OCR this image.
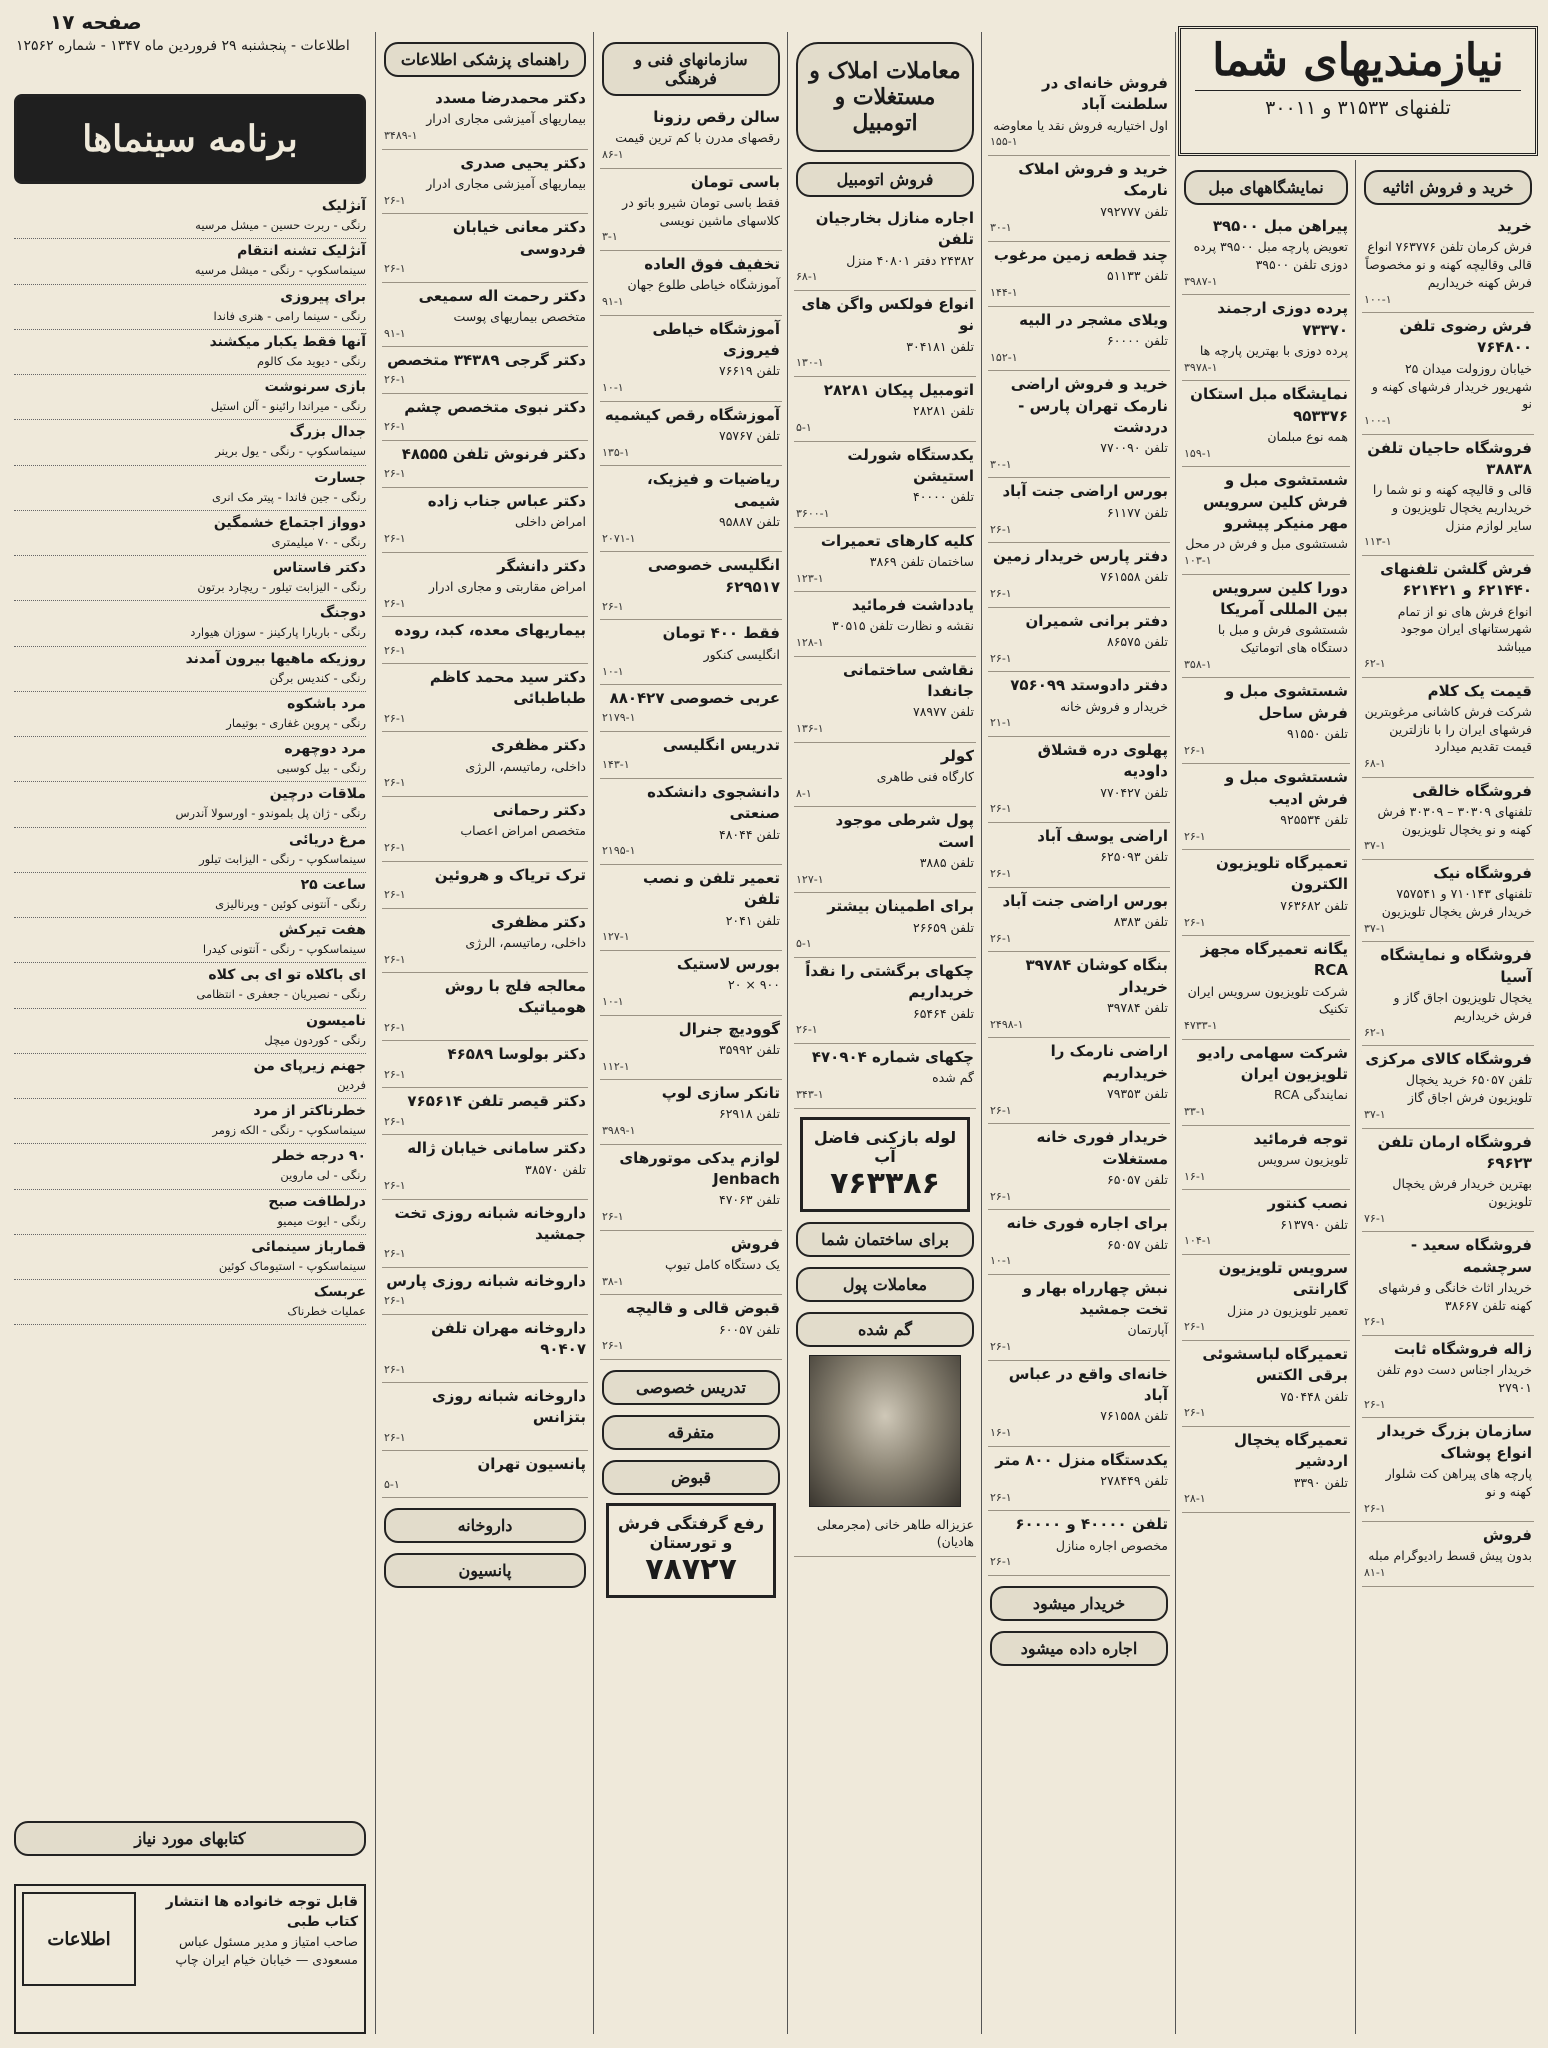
نیازمندیهای شما
تلفنهای ۳۱۵۳۳ و ۳۰۰۱۱
خرید و فروش اثاثیه
خرید
فرش کرمان تلفن ۷۶۳۷۷۶ انواع قالی وقالیچه کهنه و نو مخصوصاً فرش کهنه خریداریم
۱۰۰-۱
فرش رضوی تلفن ۷۶۴۸۰۰
خیابان روزولت میدان ۲۵ شهریور خریدار فرشهای کهنه و نو
۱۰۰-۱
فروشگاه حاجیان تلفن ۳۸۸۳۸
قالی و قالیچه کهنه و نو شما را خریداریم یخچال تلویزیون و سایر لوازم منزل
۱۱۳-۱
فرش گلشن تلفنهای ۶۲۱۴۴۰ و ۶۲۱۴۲۱
انواع فرش های نو از تمام شهرستانهای ایران موجود میباشد
۶۲-۱
قیمت یک کلام
شرکت فرش کاشانی مرغوبترین فرشهای ایران را با نازلترین قیمت تقدیم میدارد
۶۸-۱
فروشگاه خالقی
تلفنهای ۳۰۳۰۹ – ۳۰۳۰۹ فرش کهنه و نو یخچال تلویزیون
۳۷-۱
فروشگاه نیک
تلفنهای ۷۱۰۱۴۳ و ۷۵۷۵۴۱ خریدار فرش یخچال تلویزیون
۳۷-۱
فروشگاه و نمایشگاه آسیا
یخچال تلویزیون اجاق گاز و فرش خریداریم
۶۲-۱
فروشگاه کالای مرکزی
تلفن ۶۵۰۵۷ خرید یخچال تلویزیون فرش اجاق گاز
۳۷-۱
فروشگاه ارمان تلفن ۶۹۶۲۳
بهترین خریدار فرش یخچال تلویزیون
۷۶-۱
فروشگاه سعید - سرچشمه
خریدار اثاث خانگی و فرشهای کهنه تلفن ۳۸۶۶۷
۲۶-۱
زاله فروشگاه ثابت
خریدار اجناس دست دوم تلفن ۲۷۹۰۱
۲۶-۱
سازمان بزرگ خریدار انواع پوشاک
پارچه های پیراهن کت شلوار کهنه و نو
۲۶-۱
فروش
بدون پیش قسط رادیوگرام مبله
۸۱-۱
نمایشگاههای مبل
پیراهن مبل ۳۹۵۰۰
تعویض پارچه مبل ۳۹۵۰۰ پرده دوزی تلفن ۳۹۵۰۰
۳۹۸۷-۱
پرده دوزی ارجمند ۷۳۳۷۰
پرده دوزی با بهترین پارچه ها
۳۹۷۸-۱
نمایشگاه مبل استکان ۹۵۳۳۷۶
همه نوع مبلمان
۱۵۹-۱
شستشوی مبل و فرش کلین سرویس مهر منیکر پیشرو
شستشوی مبل و فرش در محل
۱۰۳-۱
دورا کلین سرویس بین المللی آمریکا
شستشوی فرش و مبل با دستگاه های اتوماتیک
۳۵۸-۱
شستشوی مبل و فرش ساحل
تلفن ۹۱۵۵۰
۲۶-۱
شستشوی مبل و فرش ادیب
تلفن ۹۲۵۵۳۴
۲۶-۱
تعمیرگاه تلویزیون الکترون
تلفن ۷۶۳۶۸۲
۲۶-۱
یگانه تعمیرگاه مجهز RCA
شرکت تلویزیون سرویس ایران تکنیک
۴۷۳۳-۱
شرکت سهامی رادیو تلویزیون ایران
نمایندگی RCA
۳۳-۱
توجه فرمائید
تلویزیون سرویس
۱۶-۱
نصب کنتور
تلفن ۶۱۳۷۹۰
۱۰۴-۱
سرویس تلویزیون گارانتی
تعمیر تلویزیون در منزل
۲۶-۱
تعمیرگاه لباسشوئی برقی الکتس
تلفن ۷۵۰۴۴۸
۲۶-۱
تعمیرگاه یخچال اردشیر
تلفن ۳۳۹۰
۲۸-۱
فروش خانه‌ای در سلطنت آباد
اول اختیاریه فروش نقد یا معاوضه
۱۵۵-۱
خرید و فروش املاک نارمک
تلفن ۷۹۲۷۷۷
۳۰-۱
چند قطعه زمین مرغوب
تلفن ۵۱۱۳۳
۱۴۴-۱
ویلای مشجر در البیه
تلفن ۶۰۰۰۰
۱۵۲-۱
خرید و فروش اراضی نارمک تهران پارس - دردشت
تلفن ۷۷۰۰۹۰
۳۰-۱
بورس اراضی جنت آباد
تلفن ۶۱۱۷۷
۲۶-۱
دفتر پارس خریدار زمین
تلفن ۷۶۱۵۵۸
۲۶-۱
دفتر برانی شمیران
تلفن ۸۶۵۷۵
۲۶-۱
دفتر دادوستد ۷۵۶۰۹۹
خریدار و فروش خانه
۲۱-۱
پهلوی دره قشلاق داودیه
تلفن ۷۷۰۴۲۷
۲۶-۱
اراضی یوسف آباد
تلفن ۶۲۵۰۹۳
۲۶-۱
بورس اراضی جنت آباد
تلفن ۸۳۸۳
۲۶-۱
بنگاه کوشان ۳۹۷۸۴ خریدار
تلفن ۳۹۷۸۴
۲۴۹۸-۱
اراضی نارمک را خریداریم
تلفن ۷۹۳۵۳
۲۶-۱
خریدار فوری خانه مستغلات
تلفن ۶۵۰۵۷
۲۶-۱
برای اجاره فوری خانه
تلفن ۶۵۰۵۷
۱۰-۱
نبش چهارراه بهار و تخت جمشید
آپارتمان
۲۶-۱
خانه‌ای واقع در عباس آباد
تلفن ۷۶۱۵۵۸
۱۶-۱
یکدستگاه منزل ۸۰۰ متر
تلفن ۲۷۸۴۴۹
۲۶-۱
تلفن ۴۰۰۰۰ و ۶۰۰۰۰
مخصوص اجاره منازل
۲۶-۱
خریدار میشود
اجاره داده میشود
معاملات املاک و مستغلات و اتومبیل
فروش اتومبیل
اجاره منازل بخارجیان تلفن
۲۴۳۸۲ دفتر ۴۰۸۰۱ منزل
۶۸-۱
انواع فولکس واگن های نو
تلفن ۳۰۴۱۸۱
۱۳۰-۱
اتومبیل پیکان ۲۸۲۸۱
تلفن ۲۸۲۸۱
۵-۱
یکدستگاه شورلت استیشن
تلفن ۴۰۰۰۰
۳۶۰۰-۱
کلیه کارهای تعمیرات
ساختمان تلفن ۳۸۶۹
۱۲۳-۱
یادداشت فرمائید
نقشه و نظارت تلفن ۳۰۵۱۵
۱۲۸-۱
نقاشی ساختمانی جانفدا
تلفن ۷۸۹۷۷
۱۳۶-۱
کولر
کارگاه فنی طاهری
۸-۱
پول شرطی موجود است
تلفن ۳۸۸۵
۱۲۷-۱
برای اطمینان بیشتر
تلفن ۲۶۶۵۹
۵-۱
چکهای برگشتی را نقداً خریداریم
تلفن ۶۵۴۶۴
۲۶-۱
چکهای شماره ۴۷۰۹۰۴
گم شده
۳۴۳-۱
لوله بازکنی فاضل آب
۷۶۳۳۸۶
برای ساختمان شما
معاملات پول
گم شده
عزیزاله طاهر خانی (مجرمعلی هادیان)
سازمانهای فنی و فرهنگی
سالن رقص رزونا
رقصهای مدرن با کم ترین قیمت
۸۶-۱
باسی تومان
فقط باسی تومان شیرو باتو در کلاسهای ماشین نویسی
۳-۱
تخفیف فوق العاده
آموزشگاه خیاطی طلوع جهان
۹۱-۱
آموزشگاه خیاطی فیروزی
تلفن ۷۶۶۱۹
۱۰-۱
آموزشگاه رقص کیشمیه
تلفن ۷۵۷۶۷
۱۳۵-۱
ریاضیات و فیزیک، شیمی
تلفن ۹۵۸۸۷
۲۰۷۱-۱
انگلیسی خصوصی ۶۲۹۵۱۷
۲۶-۱
فقط ۴۰۰ تومان
انگلیسی کنکور
۱۰-۱
عربی خصوصی ۸۸۰۴۲۷
۲۱۷۹-۱
تدریس انگلیسی
۱۴۳-۱
دانشجوی دانشکده صنعتی
تلفن ۴۸۰۴۴
۲۱۹۵-۱
تعمیر تلفن و نصب تلفن
تلفن ۲۰۴۱
۱۲۷-۱
بورس لاستیک
۹۰۰ × ۲۰
۱۰-۱
گوودیچ جنرال
تلفن ۳۵۹۹۲
۱۱۲-۱
تانکر سازی لوپ
تلفن ۶۲۹۱۸
۳۹۸۹-۱
لوازم یدکی موتورهای Jenbach
تلفن ۴۷۰۶۳
۲۶-۱
فروش
یک دستگاه کامل تیوپ
۳۸-۱
قبوض قالی و قالیچه
تلفن ۶۰۰۵۷
۲۶-۱
تدریس خصوصی
متفرقه
قبوض
رفع گرفتگی فرش و تورستان
۷۸۷۲۷
راهنمای پزشکی اطلاعات
دکتر محمدرضا مسدد
بیماریهای آمیزشی مجاری ادرار
۳۴۸۹-۱
دکتر یحیی صدری
بیماریهای آمیزشی مجاری ادرار
۲۶-۱
دکتر معانی خیابان فردوسی
۲۶-۱
دکتر رحمت اله سمیعی
متخصص بیماریهای پوست
۹۱-۱
دکتر گرجی ۳۴۳۸۹ متخصص
۲۶-۱
دکتر نبوی متخصص چشم
۲۶-۱
دکتر فرنوش تلفن ۴۸۵۵۵
۲۶-۱
دکتر عباس جناب زاده
امراض داخلی
۲۶-۱
دکتر دانشگر
امراض مقاربتی و مجاری ادرار
۲۶-۱
بیماریهای معده، کبد، روده
۲۶-۱
دکتر سید محمد کاظم طباطبائی
۲۶-۱
دکتر مظفری
داخلی، رماتیسم، الرژی
۲۶-۱
دکتر رحمانی
متخصص امراض اعصاب
۲۶-۱
ترک تریاک و هروئین
۲۶-۱
دکتر مظفری
داخلی، رماتیسم، الرژی
۲۶-۱
معالجه فلج با روش هومیاتیک
۲۶-۱
دکتر بولوسا ۴۶۵۸۹
۲۶-۱
دکتر قیصر تلفن ۷۶۵۶۱۴
۲۶-۱
دکتر سامانی خیابان ژاله
تلفن ۳۸۵۷۰
۲۶-۱
داروخانه شبانه روزی تخت جمشید
۲۶-۱
داروخانه شبانه روزی پارس
۲۶-۱
داروخانه مهران تلفن ۹۰۴۰۷
۲۶-۱
داروخانه شبانه روزی بتزانس
۲۶-۱
پانسیون تهران
۵-۱
داروخانه
پانسیون
صفحه ۱۷
اطلاعات - پنجشنبه ۲۹ فروردین ماه ۱۳۴۷ - شماره ۱۲۵۶۲
برنامه سینماها
آنژلیک
رنگی - ربرت حسین - میشل مرسیه
آنژلیک تشنه انتقام
سینماسکوپ - رنگی - میشل مرسیه
برای پیروزی
رنگی - سینما رامی - هنری فاندا
آنها فقط یکبار میکشند
رنگی - دیوید مک کالوم
بازی سرنوشت
رنگی - میراندا رائینو - آلن استیل
جدال بزرگ
سینماسکوپ - رنگی - یول برینر
جسارت
رنگی - جین فاندا - پیتر مک انری
دوواز اجتماع خشمگین
رنگی - ۷۰ میلیمتری
دکتر فاستاس
رنگی - الیزابت تیلور - ریچارد برتون
دوجنگ
رنگی - باربارا پارکینز - سوزان هیوارد
روزیکه ماهیها بیرون آمدند
رنگی - کندیس برگن
مرد باشکوه
رنگی - پروین غفاری - بوتیمار
مرد دوچهره
رنگی - بیل کوسبی
ملاقات درچین
رنگی - ژان پل بلموندو - اورسولا آندرس
مرغ دریائی
سینماسکوپ - رنگی - الیزابت تیلور
ساعت ۲۵
رنگی - آنتونی کوئین - ویرنالیزی
هفت تیرکش
سینماسکوپ - رنگی - آنتونی کیدرا
ای باکلاه تو ای بی کلاه
رنگی - نصیریان - جعفری - انتظامی
نامیسون
رنگی - کوردون میچل
جهنم زیرپای من
فردین
خطرناکتر از مرد
سینماسکوپ - رنگی - الکه زومر
۹۰ درجه خطر
رنگی - لی ماروین
درلطافت صبح
رنگی - ایوت میمیو
قمارباز سینمائی
سینماسکوپ - استیوماک کوئین
عربسک
عملیات خطرناک
کتابهای مورد نیاز
اطلاعات
قابل توجه خانواده ها انتشار کتاب طبی
صاحب امتیاز و مدیر مسئول عباس مسعودی — خیابان خیام ایران چاپ
